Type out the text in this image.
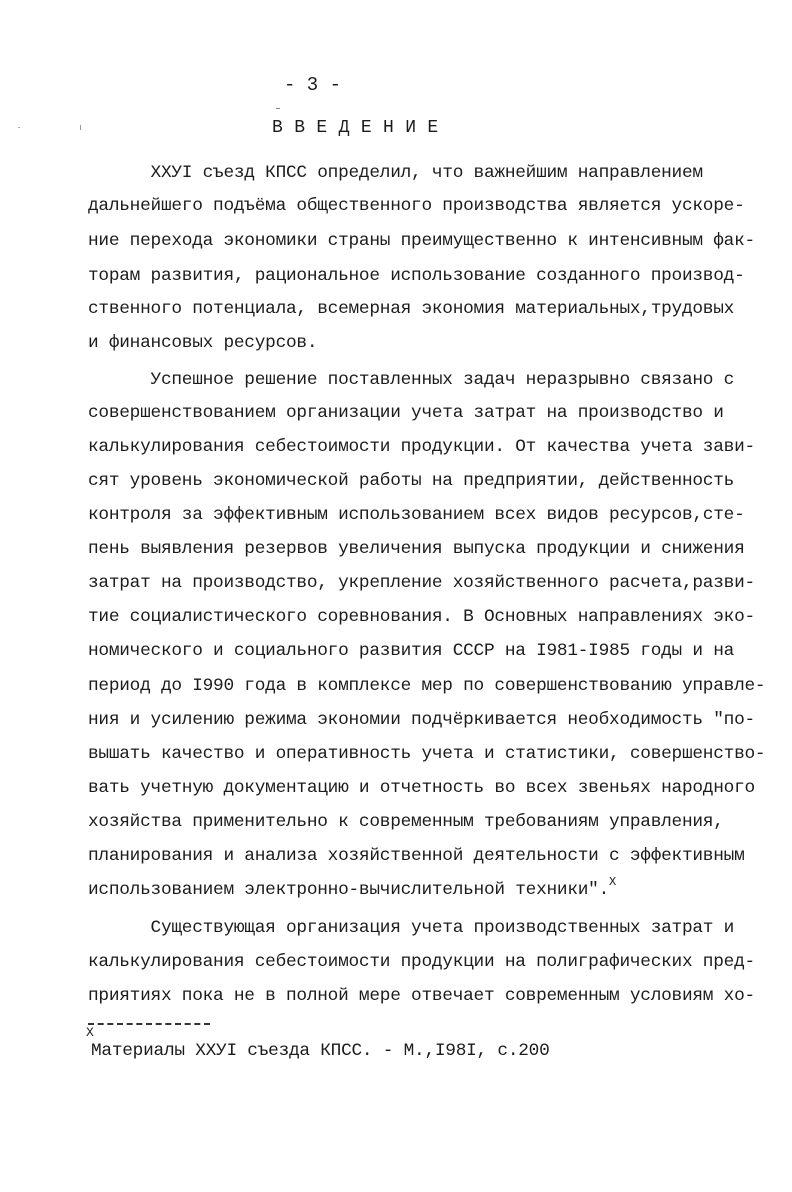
- 3 -
В В Е Д Е Н И Е
ХХУI съезд КПСС определил, что важнейшим направлением
дальнейшего подъёма общественного производства является ускоре-
ние перехода экономики страны преимущественно к интенсивным фак-
торам развития, рациональное использование созданного производ-
ственного потенциала, всемерная экономия материальных,трудовых
и финансовых ресурсов.
Успешное решение поставленных задач неразрывно связано с
совершенствованием организации учета затрат на производство и
калькулирования себестоимости продукции. От качества учета зави-
сят уровень экономической работы на предприятии, действенность
контроля за эффективным использованием всех видов ресурсов,сте-
пень выявления резервов увеличения выпуска продукции и снижения
затрат на производство, укрепление хозяйственного расчета,разви-
тие социалистического соревнования. В Основных направлениях эко-
номического и социального развития СССР на I981-I985 годы и на
период до I990 года в комплексе мер по совершенствованию управле-
ния и усилению режима экономии подчёркивается необходимость "по-
вышать качество и оперативность учета и статистики, совершенство-
вать учетную документацию и отчетность во всех звеньях народного
хозяйства применительно к современным требованиям управления,
планирования и анализа хозяйственной деятельности с эффективным
использованием электронно-вычислительной техники".$^X$
Существующая организация учета производственных затрат и
калькулирования себестоимости продукции на полиграфических пред-
приятиях пока не в полной мере отвечает современным условиям хо-
X
Материалы ХХУI съезда КПСС. - М.,I98I, с.200
